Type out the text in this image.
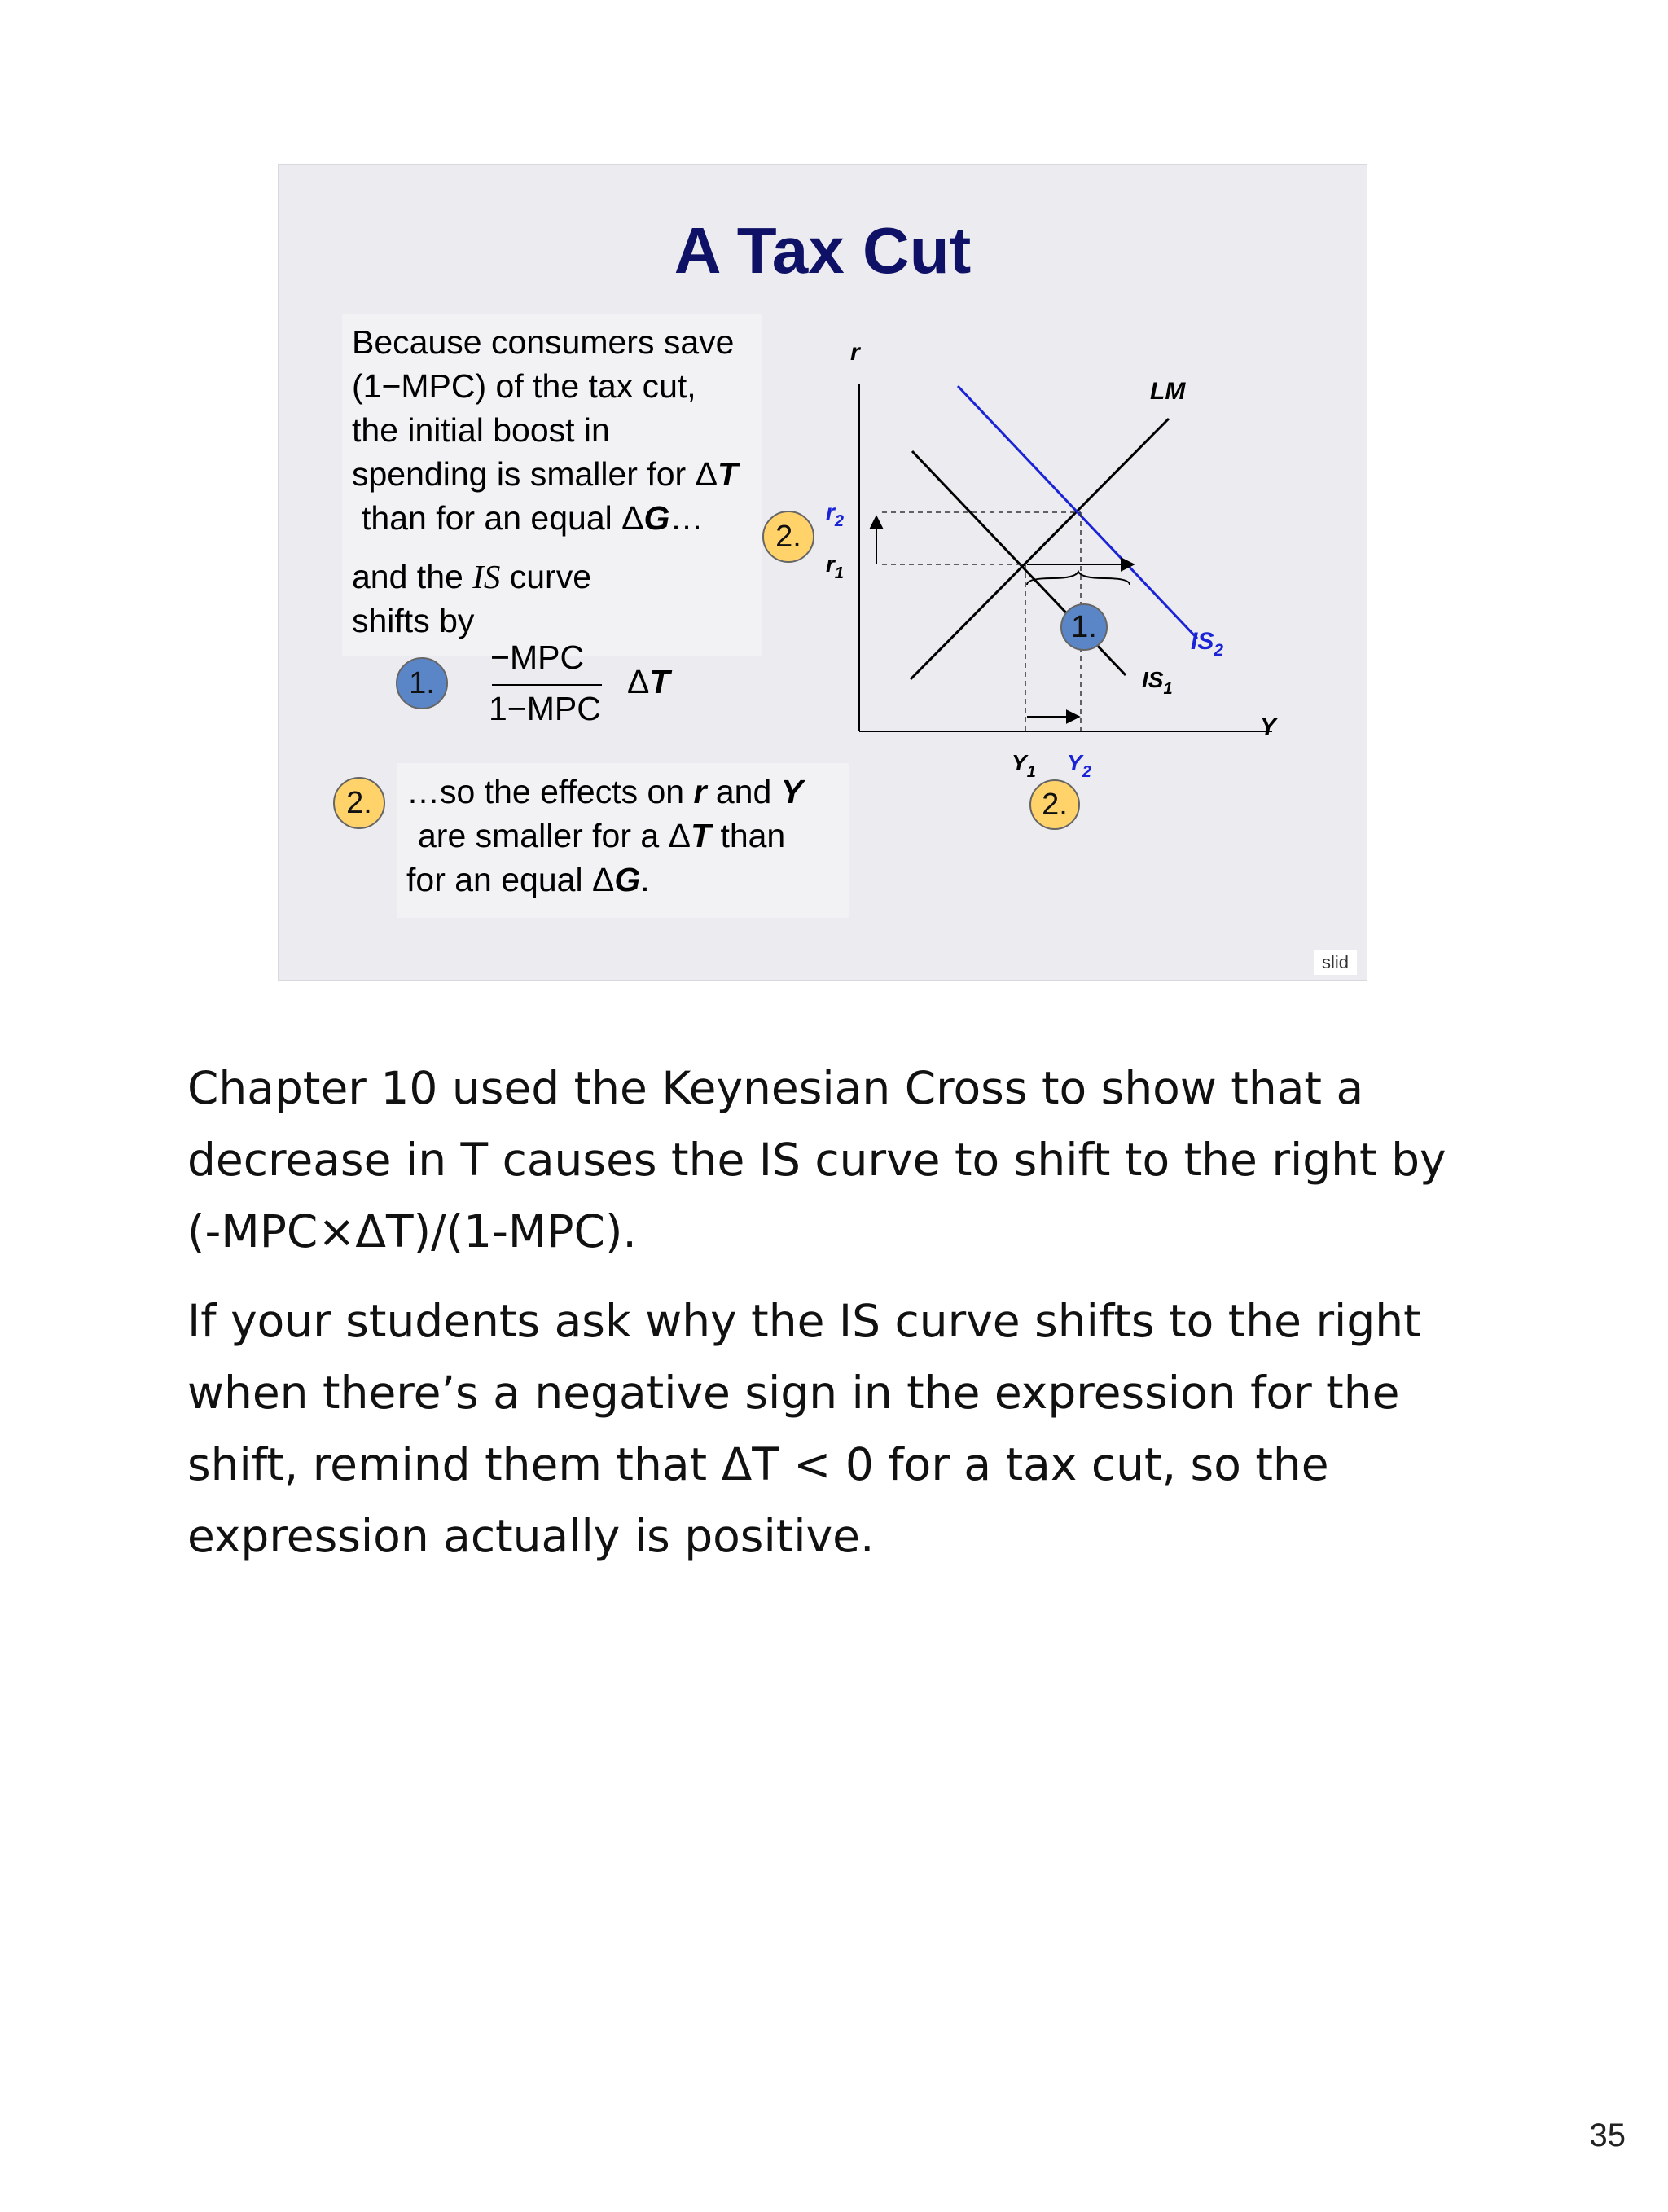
A Tax Cut
Because consumers save
(1−MPC) of the tax cut,
the initial boost in
spending is smaller for ΔT
than for an equal ΔG…
and the IS curve
shifts by
1.
−MPC
1−MPC
ΔT
…so the effects on r and Y
are smaller for a ΔT than
for an equal ΔG.
2.
2.
r
Y
$r_2$
$r_1$
$Y_1$ $Y_2$
LM
$IS_1$
$IS_2$
1.
2.
slid

Chapter 10 used the Keynesian Cross to show that a decrease in T causes the IS curve to shift to the right by (-MPC×ΔT)/(1-MPC).

If your students ask why the IS curve shifts to the right when there’s a negative sign in the expression for the shift, remind them that ΔT < 0 for a tax cut, so the expression actually is positive.

35
